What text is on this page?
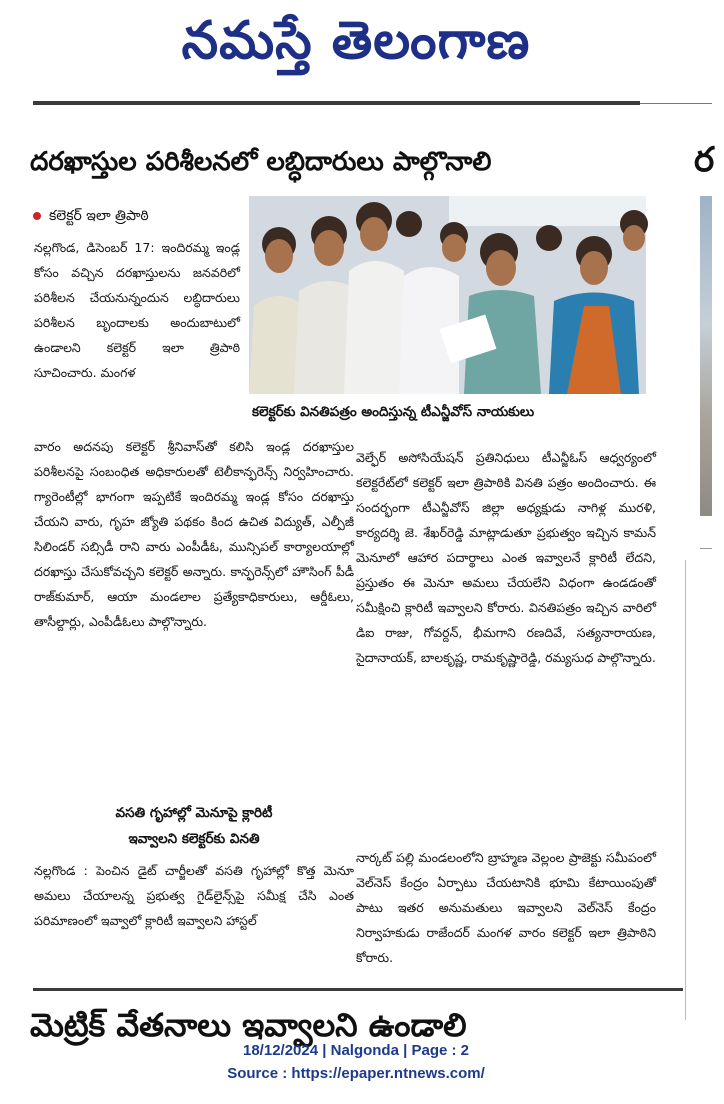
నమస్తే తెలంగాణ
దరఖాస్తుల పరిశీలనలో లబ్ధిదారులు పాల్గొనాలి	ర
కలెక్టర్ ఇలా త్రిపాఠి

నల్లగొండ, డిసెంబర్ 17: ఇందిరమ్మ ఇండ్ల కోసం వచ్చిన దరఖాస్తులను జనవరిలో పరిశీలన చేయనున్నందున లబ్ధిదారులు పరిశీలన బృందాలకు అందుబాటులో ఉండాలని కలెక్టర్ ఇలా త్రిపాఠి సూచించారు. మంగళ

కలెక్టర్‌కు వినతిపత్రం అందిస్తున్న టీఎన్జీవోస్ నాయకులు

వారం అదనపు కలెక్టర్ శ్రీనివాస్‌తో కలిసి ఇండ్ల దరఖాస్తుల పరిశీలనపై సంబంధిత అధికారులతో టెలీకాన్ఫరెన్స్ నిర్వహించారు. గ్యారెంటీల్లో భాగంగా ఇప్పటికే ఇందిరమ్మ ఇండ్ల కోసం దరఖాస్తు చేయని వారు, గృహ జ్యోతి పథకం కింద ఉచిత విద్యుత్, ఎల్పీజీ సిలిండర్ సబ్సిడీ రాని వారు ఎంపీడీఓ, మున్సిపల్ కార్యాలయాల్లో దరఖాస్తు చేసుకోవచ్చని కలెక్టర్ అన్నారు. కాన్ఫరెన్స్‌లో హౌసింగ్ పీడీ రాజ్‌కుమార్, ఆయా మండలాల ప్రత్యేకాధికారులు, ఆర్డీఓలు, తాసీల్దార్లు, ఎంపీడీఓలు పాల్గొన్నారు.

వెల్ఫేర్ అసోసియేషన్ ప్రతినిధులు టీఎన్జీఓస్ ఆధ్వర్యంలో కలెక్టరేట్‌లో కలెక్టర్ ఇలా త్రిపాఠికి వినతి పత్రం అందించారు. ఈ సందర్భంగా టీఎన్జీవోస్ జిల్లా అధ్యక్షుడు నాగిళ్ల మురళి, కార్యదర్శి జె. శేఖర్‌రెడ్డి మాట్లాడుతూ ప్రభుత్వం ఇచ్చిన కామన్ మెనూలో ఆహార పదార్థాలు ఎంత ఇవ్వాలనే క్లారిటీ లేదని, ప్రస్తుతం ఈ మెనూ అమలు చేయలేని విధంగా ఉండడంతో సమీక్షించి క్లారిటీ ఇవ్వాలని కోరారు. వినతిపత్రం ఇచ్చిన వారిలో డిఐ రాజు, గోవర్దన్, భీమగాని రణదివే, సత్యనారాయణ, సైదానాయక్, బాలకృష్ణ, రామకృష్ణారెడ్డి, రమ్యసుధ పాల్గొన్నారు.

వసతి గృహాల్లో మెనూపై క్లారిటీ
ఇవ్వాలని కలెక్టర్‌కు వినతి

నల్లగొండ : పెంచిన డైట్ చార్జీలతో వసతి గృహాల్లో కొత్త మెనూ అమలు చేయాలన్న ప్రభుత్వ గైడ్‌లైన్స్‌పై సమీక్ష చేసి ఎంత పరిమాణంలో ఇవ్వాలో క్లారిటీ ఇవ్వాలని హాస్టల్

నార్కట్ పల్లి మండలంలోని బ్రాహ్మణ వెల్లంల ప్రాజెక్టు సమీపంలో వెల్‌నెస్ కేంద్రం ఏర్పాటు చేయటానికి భూమి కేటాయింపుతో పాటు ఇతర అనుమతులు ఇవ్వాలని వెల్‌నెస్ కేంద్రం నిర్వాహకుడు రాజేందర్ మంగళ వారం కలెక్టర్ ఇలా త్రిపాఠిని కోరారు.

మెట్రిక్ వేతనాలు ఇవ్వాలని ఉండాలి
18/12/2024 | Nalgonda | Page : 2
Source : https://epaper.ntnews.com/
